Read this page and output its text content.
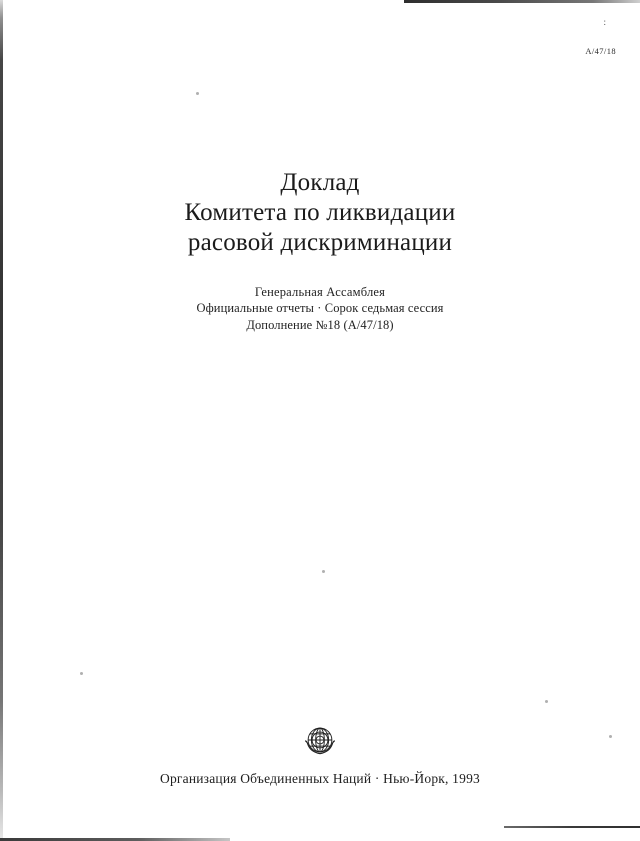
:
A/47/18
Доклад
Комитета по ликвидации
расовой дискриминации
Генеральная Ассамблея
Официальные отчеты · Сорок седьмая сессия
Дополнение №18 (A/47/18)
Организация Объединенных Наций · Нью-Йорк, 1993
